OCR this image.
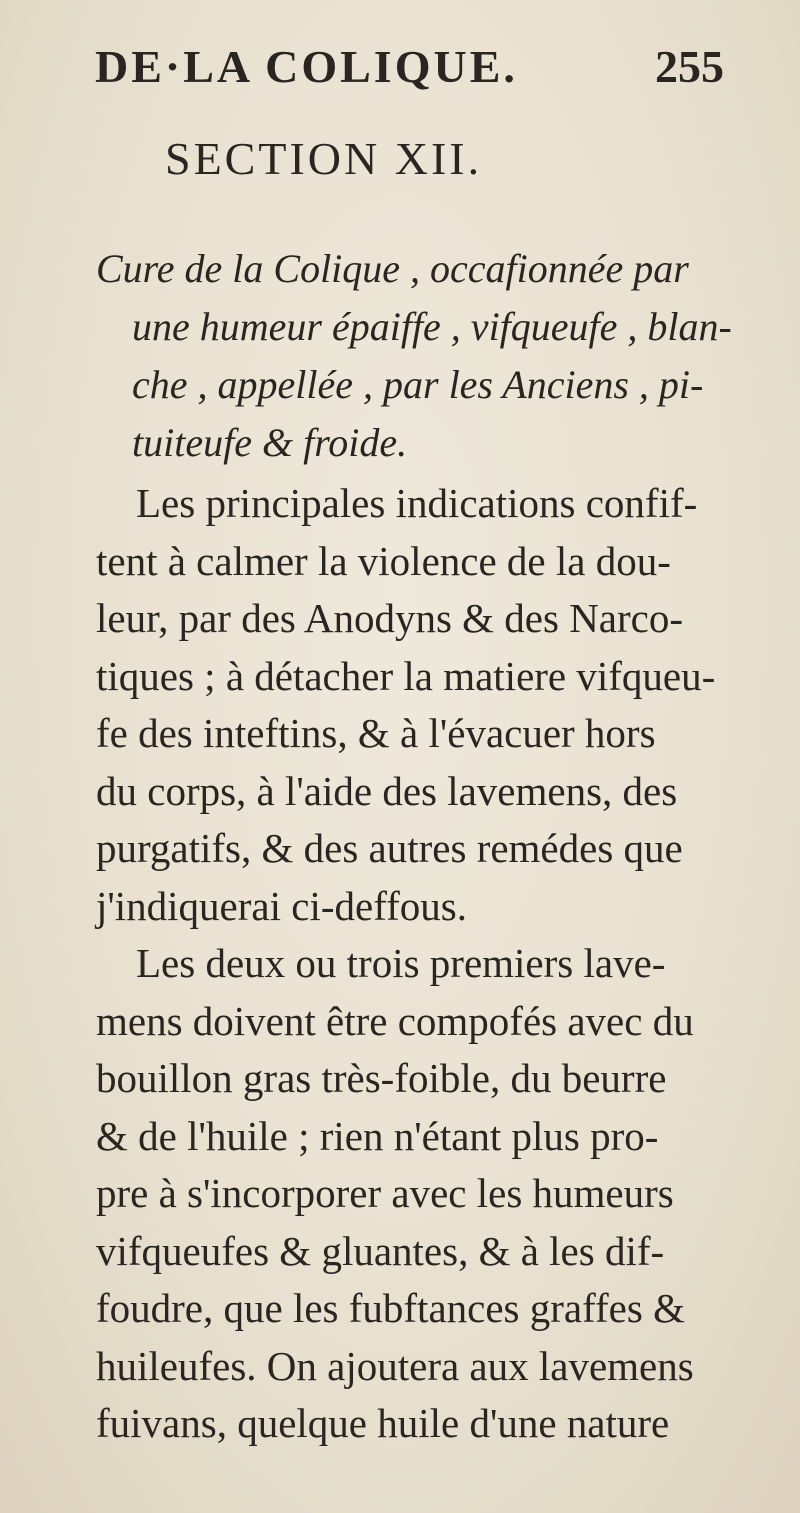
DE·LA COLIQUE.	255
SECTION XII.
Cure de la Colique , occafionnée par
une humeur épaiffe , vifqueufe , blan-
che , appellée , par les Anciens , pi-
tuiteufe & froide.
Les principales indications confif-
tent à calmer la violence de la dou-
leur, par des Anodyns & des Narco-
tiques ; à détacher la matiere vifqueu-
fe des inteftins, & à l'évacuer hors
du corps, à l'aide des lavemens, des
purgatifs, & des autres remédes que
j'indiquerai ci-deffous.
Les deux ou trois premiers lave-
mens doivent être compofés avec du
bouillon gras très-foible, du beurre
& de l'huile ; rien n'étant plus pro-
pre à s'incorporer avec les humeurs
vifqueufes & gluantes, & à les dif-
foudre, que les fubftances graffes &
huileufes. On ajoutera aux lavemens
fuivans, quelque huile d'une nature
